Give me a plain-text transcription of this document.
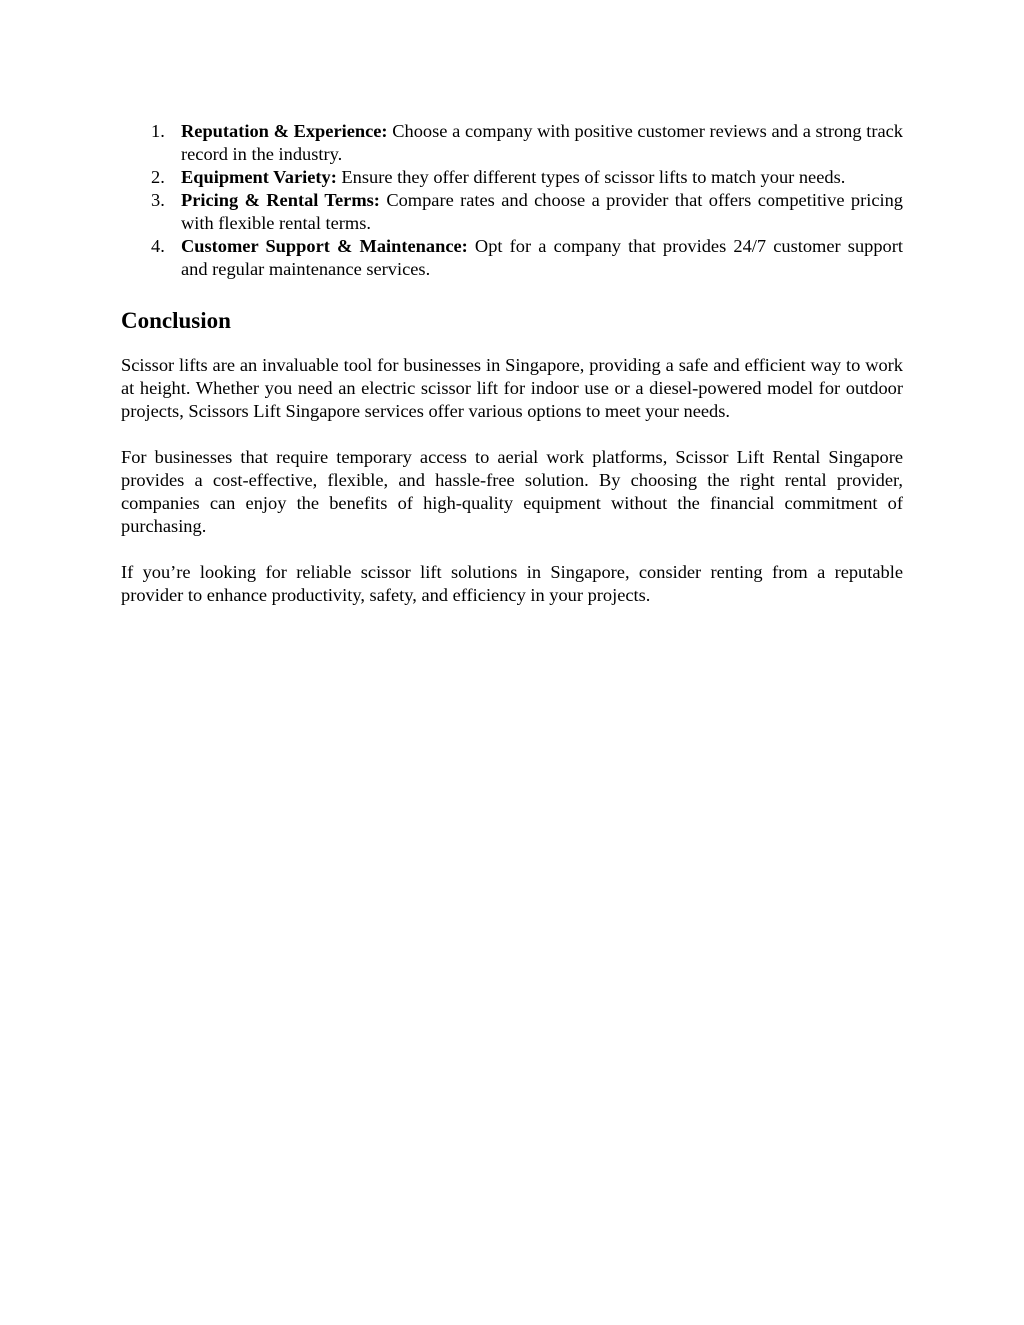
1. Reputation & Experience: Choose a company with positive customer reviews and a strong track record in the industry.
2. Equipment Variety: Ensure they offer different types of scissor lifts to match your needs.
3. Pricing & Rental Terms: Compare rates and choose a provider that offers competitive pricing with flexible rental terms.
4. Customer Support & Maintenance: Opt for a company that provides 24/7 customer support and regular maintenance services.
Conclusion

Scissor lifts are an invaluable tool for businesses in Singapore, providing a safe and efficient way to work at height. Whether you need an electric scissor lift for indoor use or a diesel-powered model for outdoor projects, Scissors Lift Singapore services offer various options to meet your needs.

For businesses that require temporary access to aerial work platforms, Scissor Lift Rental Singapore provides a cost-effective, flexible, and hassle-free solution. By choosing the right rental provider, companies can enjoy the benefits of high-quality equipment without the financial commitment of purchasing.

If you’re looking for reliable scissor lift solutions in Singapore, consider renting from a reputable provider to enhance productivity, safety, and efficiency in your projects.
